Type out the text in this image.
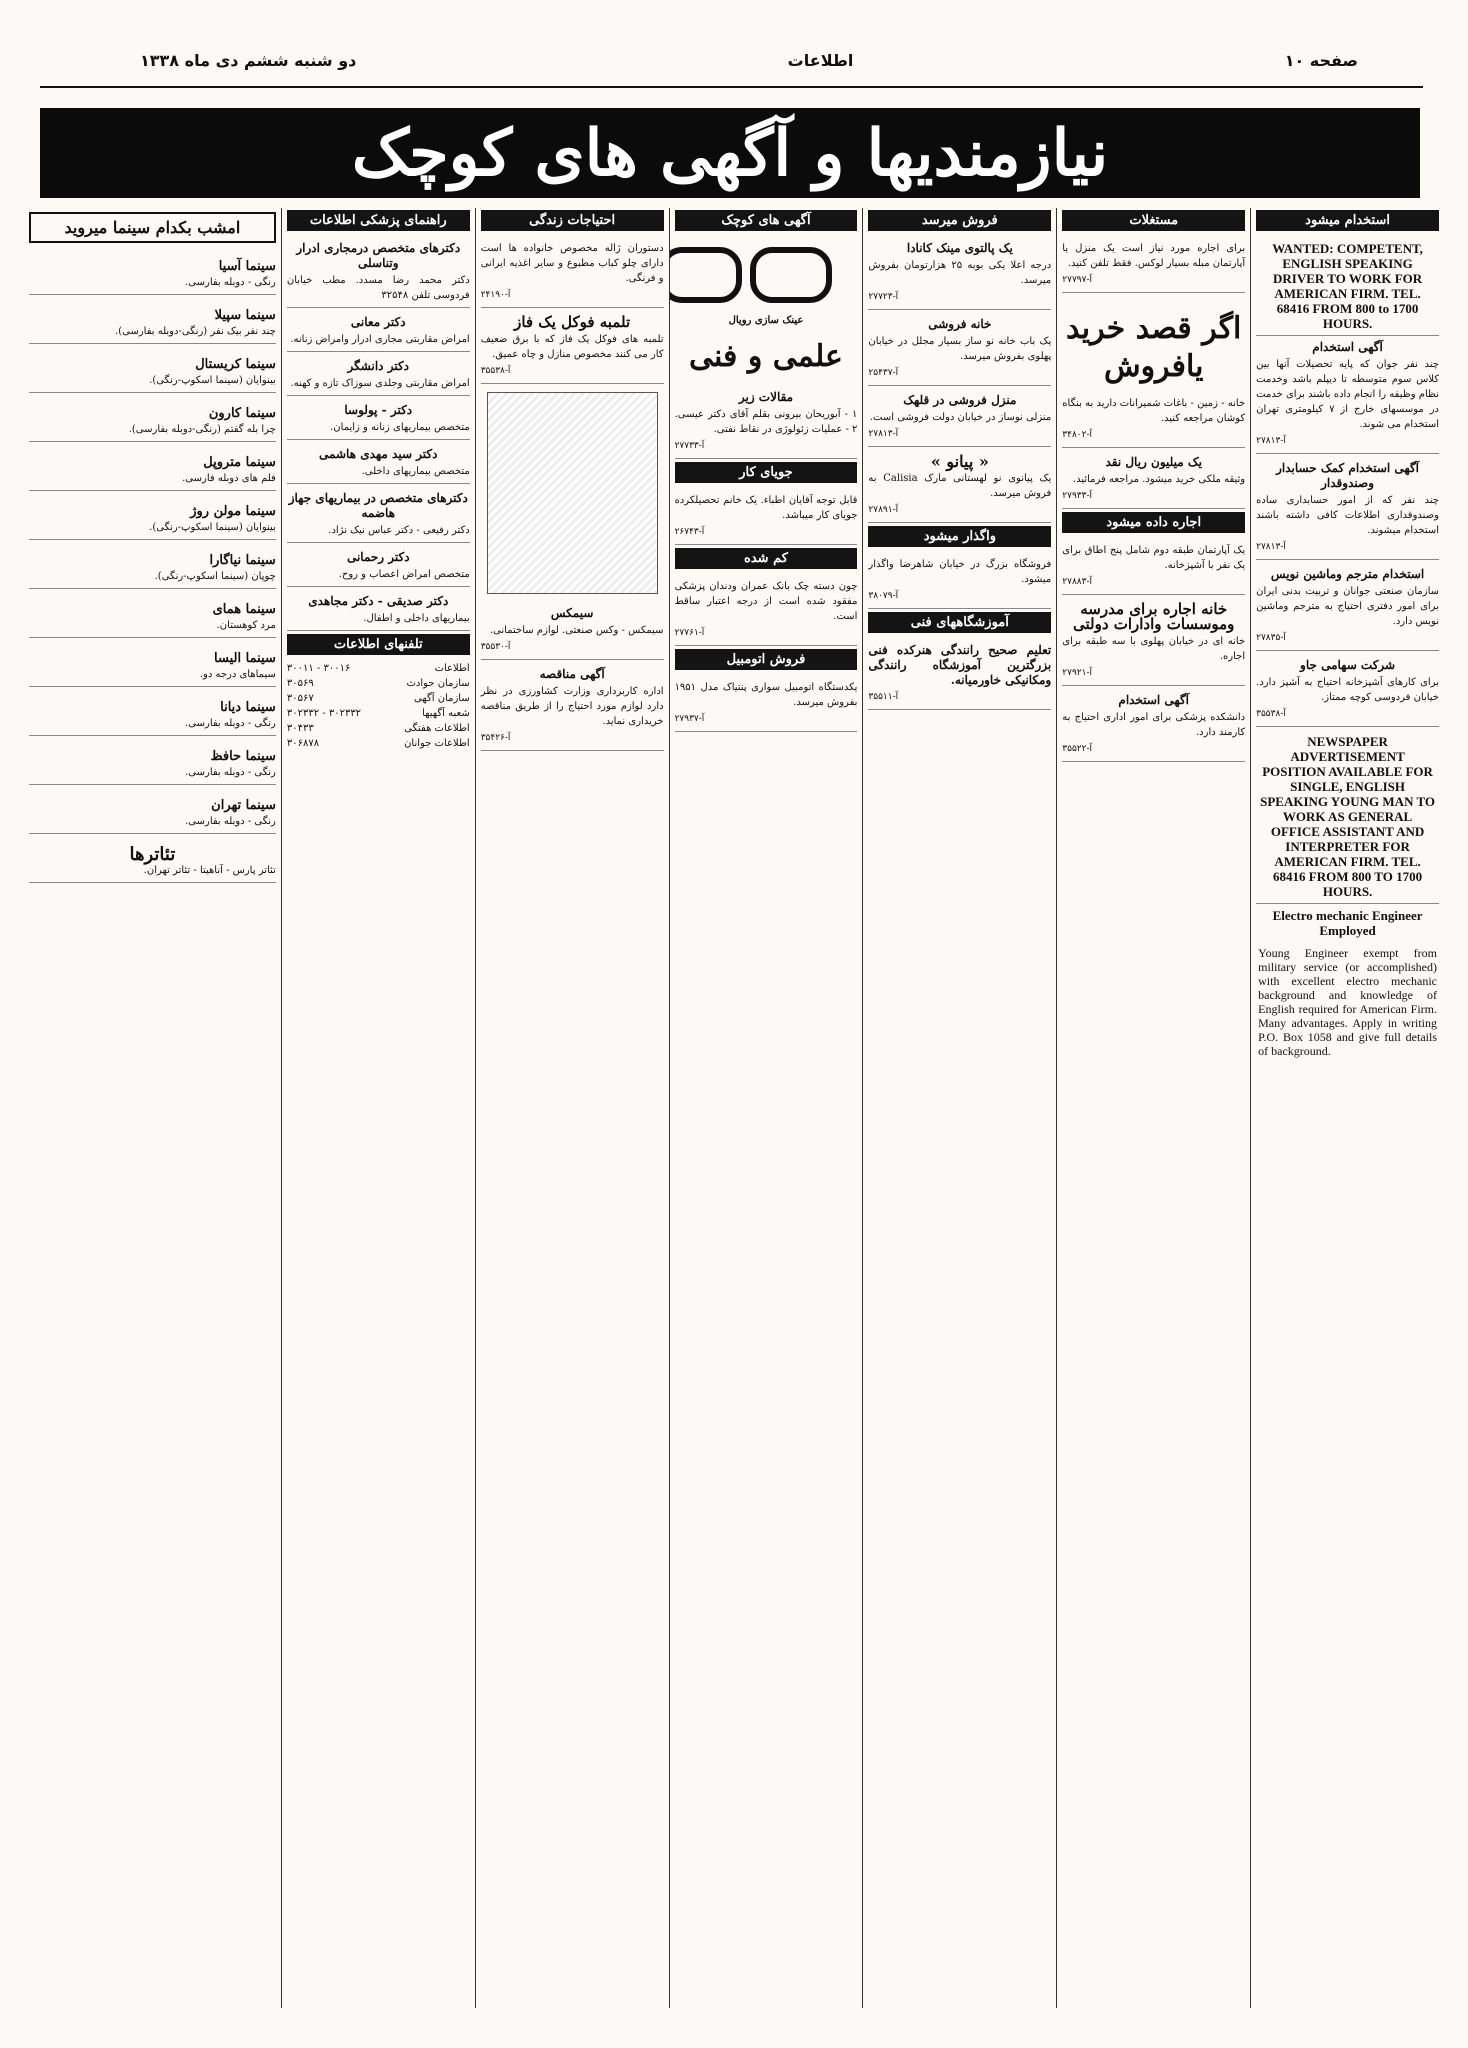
صفحه ۱۰
اطلاعات
دو شنبه ششم دی ماه ۱۳۳۸
نیازمندیها و آگهی های کوچک
استخدام میشود
WANTED: COMPETENT, ENGLISH SPEAKING DRIVER TO WORK FOR AMERICAN FIRM. TEL. 68416 FROM 800 to 1700 HOURS.
آگهی استخدام

چند نفر جوان که پایه تحصیلات آنها بین کلاس سوم متوسطه تا دیپلم باشد وخدمت نظام وظیفه را انجام داده باشند برای خدمت در موسسهای خارج از ۷ کیلومتری تهران استخدام می شوند.

آ-۲۷۸۱۳
آگهی استخدام کمک حسابدار وصندوقدار

چند نفر که از امور حسابداری ساده وصندوقداری اطلاعات کافی داشته باشند استخدام میشوند.

آ-۲۷۸۱۳
استخدام مترجم وماشین نویس

سازمان صنعتی جوانان و تربیت بدنی ایران برای امور دفتری احتیاج به مترجم وماشین نویس دارد.

آ-۲۷۸۳۵
شرکت سهامی جاو

برای کارهای آشپزخانه احتیاج به آشپز دارد. خیابان فردوسی کوچه ممتاز.

آ-۳۵۵۳۸
NEWSPAPER ADVERTISEMENT POSITION AVAILABLE FOR SINGLE, ENGLISH SPEAKING YOUNG MAN TO WORK AS GENERAL OFFICE ASSISTANT AND INTERPRETER FOR AMERICAN FIRM. TEL. 68416 FROM 800 TO 1700 HOURS.
Electro mechanic Engineer Employed
Young Engineer exempt from military service (or accomplished) with excellent electro mechanic background and knowledge of English required for American Firm. Many advantages. Apply in writing P.O. Box 1058 and give full details of background.
مستغلات

برای اجاره مورد نیاز است یک منزل یا آپارتمان مبله بسیار لوکس. فقط تلفن کنید.

آ-۲۷۷۹۷
اگر قصد خرید یافروش

خانه - زمین - باغات شمیرانات دارید به بنگاه کوشان مراجعه کنید.

آ-۳۴۸۰۲
یک میلیون ریال نقد

وثیقه ملکی خرید میشود. مراجعه فرمائید.

آ-۲۷۹۳۳
اجاره داده میشود

یک آپارتمان طبقه دوم شامل پنج اطاق برای یک نفر با آشپزخانه.

آ-۲۷۸۸۳
خانه اجاره برای مدرسه وموسسات وادارات دولتی

خانه ای در خیابان پهلوی با سه طبقه برای اجاره.

آ-۲۷۹۲۱
آگهی استخدام

دانشکده پزشکی برای امور اداری احتیاج به کارمند دارد.

آ-۳۵۵۲۲
فروش میرسد
یک پالتوی مینک کانادا

درجه اعلا یکی بوبه ۲۵ هزارتومان بفروش میرسد.

آ-۲۷۷۲۳
خانه فروشی

یک باب خانه نو ساز بسیار مجلل در خیابان پهلوی بفروش میرسد.

آ-۲۵۴۳۷
منزل فروشی در قلهک

منزلی نوساز در خیابان دولت فروشی است.

آ-۲۷۸۱۳
« پیانو »

یک پیانوی نو لهستانی مارک Calisia به فروش میرسد.

آ-۲۷۸۹۱
واگذار میشود

فروشگاه بزرگ در خیابان شاهرضا واگذار میشود.

آ-۳۸۰۷۹
آموزشگاههای فنی

تعلیم صحیح رانندگی هنرکده فنی بزرگترین آموزشگاه رانندگی ومکانیکی خاورمیانه.

آ-۳۵۵۱۱
آگهی های کوچک
عینک سازی رویال
علمی و فنی
مقالات زیر

۱ - آبوریحان بیرونی بقلم آقای دکتر عیسی. ۲ - عملیات زئولوژی در نقاط نفتی.

آ-۲۷۷۳۳
جویای کار

قابل توجه آقایان اطباء. یک خانم تحصیلکرده جویای کار میباشد.

آ-۲۶۷۴۳
کم شده

چون دسته چک بانک عمران ودندان پزشکی مفقود شده است از درجه اعتبار ساقط است.

آ-۲۷۷۶۱
فروش اتومبیل

یکدستگاه اتومبیل سواری پنتیاک مدل ۱۹۵۱ بفروش میرسد.

آ-۲۷۹۳۷
احتیاجات زندگی

دستوران ژاله مخصوص خانواده ها است دارای چلو کباب مطبوع و سایر اغذیه ایرانی و فرنگی.

آ-۲۴۱۹۰
تلمبه فوکل یک فاز

تلمبه های فوکل یک فاز که با برق ضعیف کار می کنند مخصوص منازل و چاه عمیق.

آ-۳۵۵۳۸
سیمکس

سیمکس - وکس صنعتی. لوازم ساختمانی.

آ-۳۵۵۳۰
آگهی مناقصه

اداره کاربرداری وزارت کشاورزی در نظر دارد لوازم مورد احتیاج را از طریق مناقصه خریداری نماید.

آ-۳۵۴۲۶
راهنمای پزشکی اطلاعات
دکترهای متخصص درمجاری ادرار وتناسلی

دکتر محمد رضا مسدد. مطب خیابان فردوسی تلفن ۳۲۵۴۸

دکتر معانی

امراض مقاربتی مجاری ادرار وامراض زنانه.

دکتر دانشگر

امراض مقاربتی وجلدی سوزاک تازه و کهنه.

دکتر - پولوسا

متخصص بیماریهای زنانه و زایمان.

دکتر سید مهدی هاشمی

متخصص بیماریهای داخلی.

دکترهای متخصص در بیماریهای جهاز هاضمه

دکتر رفیعی - دکتر عباس نیک نژاد.

دکتر رحمانی

متخصص امراض اعصاب و روح.

دکتر صدیقی - دکتر مجاهدی

بیماریهای داخلی و اطفال.

تلفنهای اطلاعات
اطلاعات
۳۰۰۱۶ - ۳۰۰۱۱
سازمان حوادث
۳۰۵۶۹
سازمان آگهی
۳۰۵۶۷
شعبه آگهیها
۳۰۲۳۳۲ - ۳۰۲۳۳۲
اطلاعات هفتگی
۳۰۴۳۳
اطلاعات جوانان
۳۰۶۸۷۸
امشب بکدام سینما میروید
سینما آسیا

رنگی - دوبله بفارسی.

سینما سپیلا

چند نفر بیک نفر (رنگی-دوبله بفارسی).

سینما کریستال

بینوایان (سینما اسکوپ-رنگی).

سینما کارون

چرا بله گفتم (رنگی-دوبله بفارسی).

سینما متروپل

فلم های دوبله فارسی.

سینما مولن روژ

بینوایان (سینما اسکوپ-رنگی).

سینما نیاگارا

چوپان (سینما اسکوپ-رنگی).

سینما همای

مرد کوهستان.

سینما الیسا

سیماهای درجه دو.

سینما دیانا

رنگی - دوبله بفارسی.

سینما حافظ

رنگی - دوبله بفارسی.

سینما تهران

رنگی - دوبله بفارسی.

تئاترها

تئاتر پارس - آناهیتا - تئاتر تهران.
